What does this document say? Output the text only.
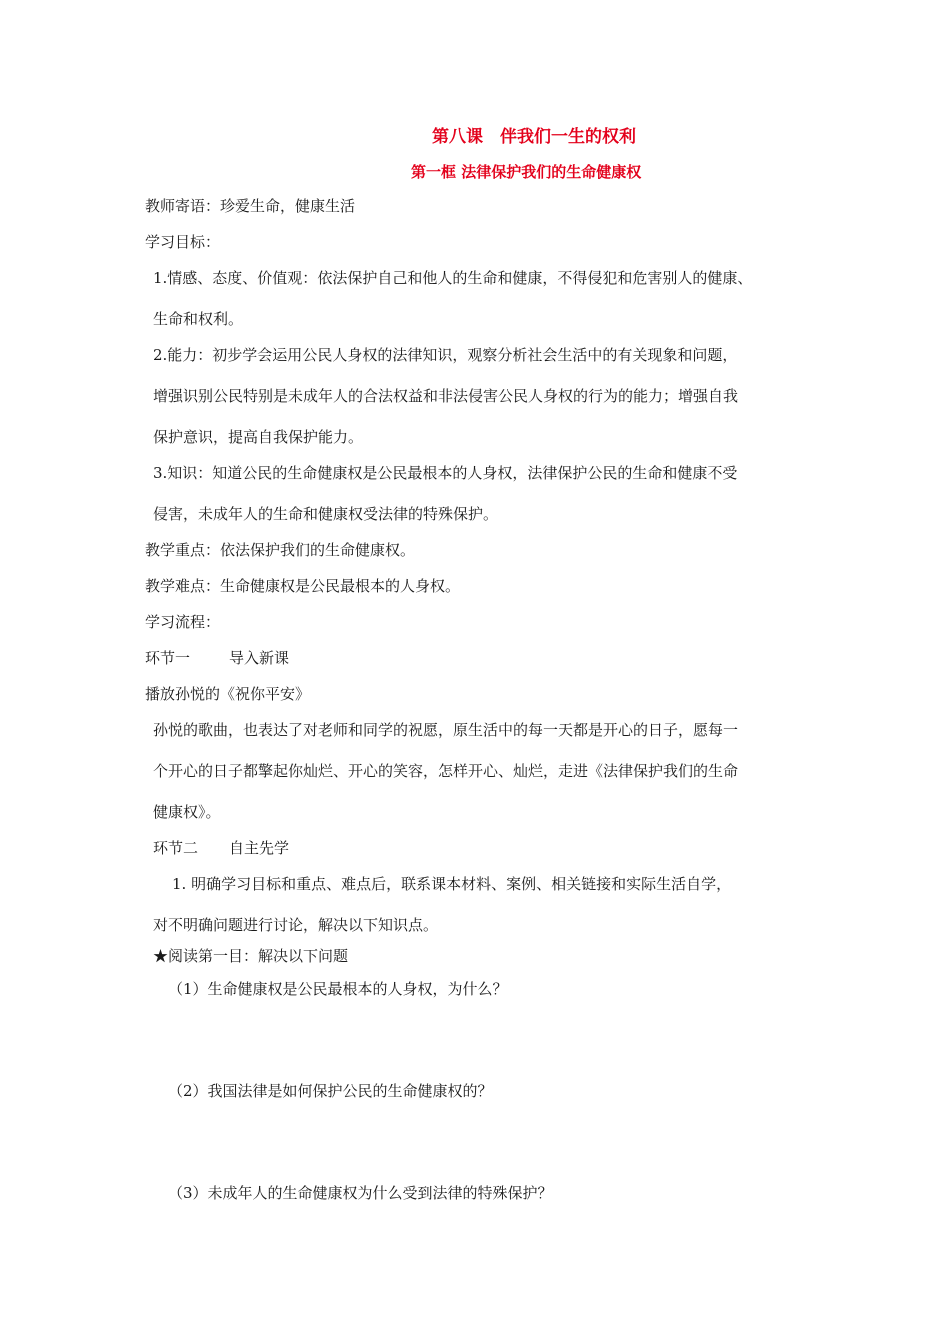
第八课　伴我们一生的权利
第一框 法律保护我们的生命健康权
教师寄语：珍爱生命，健康生活
学习目标：
1.情感、态度、价值观：依法保护自己和他人的生命和健康，不得侵犯和危害别人的健康、
生命和权利。
2.能力：初步学会运用公民人身权的法律知识，观察分析社会生活中的有关现象和问题，
增强识别公民特别是未成年人的合法权益和非法侵害公民人身权的行为的能力；增强自我
保护意识，提高自我保护能力。
3.知识：知道公民的生命健康权是公民最根本的人身权，法律保护公民的生命和健康不受
侵害，未成年人的生命和健康权受法律的特殊保护。
教学重点：依法保护我们的生命健康权。
教学难点：生命健康权是公民最根本的人身权。
学习流程：
环节一	导入新课
播放孙悦的《祝你平安》
孙悦的歌曲，也表达了对老师和同学的祝愿，原生活中的每一天都是开心的日子，愿每一
个开心的日子都擎起你灿烂、开心的笑容，怎样开心、灿烂，走进《法律保护我们的生命
健康权》。
环节二 自主先学
1. 明确学习目标和重点、难点后，联系课本材料、案例、相关链接和实际生活自学，
对不明确问题进行讨论，解决以下知识点。
★阅读第一目：解决以下问题
（1）生命健康权是公民最根本的人身权，为什么？
（2）我国法律是如何保护公民的生命健康权的？
（3）未成年人的生命健康权为什么受到法律的特殊保护？
